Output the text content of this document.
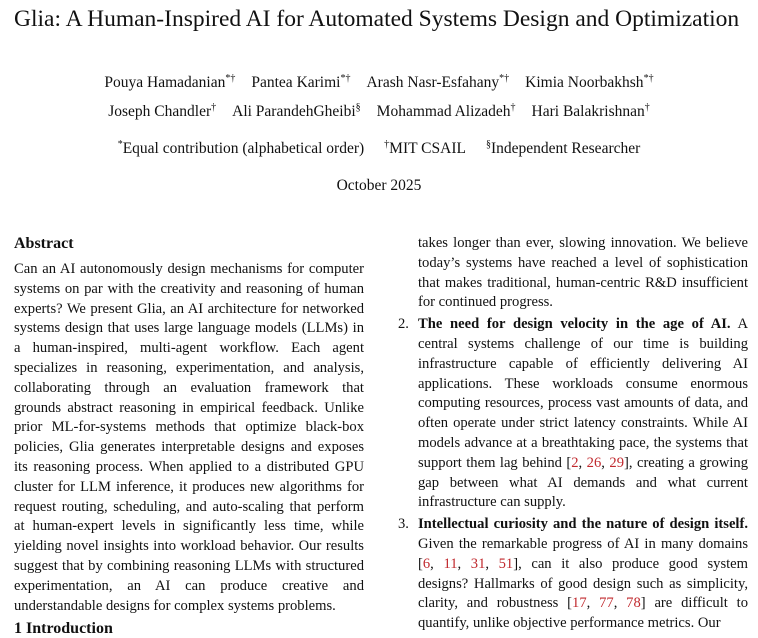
Glia: A Human-Inspired AI for Automated Systems Design and Optimization
Pouya Hamadanian*† Pantea Karimi*† Arash Nasr-Esfahany*† Kimia Noorbakhsh*†
Joseph Chandler† Ali ParandehGheibi§ Mohammad Alizadeh† Hari Balakrishnan†
*Equal contribution (alphabetical order) †MIT CSAIL §Independent Researcher
October 2025
Abstract

Can an AI autonomously design mechanisms for computer systems on par with the creativity and reasoning of human experts? We present Glia, an AI architecture for networked systems design that uses large language models (LLMs) in a human-inspired, multi-agent workflow. Each agent specializes in reasoning, experimentation, and analysis, collaborating through an evaluation framework that grounds abstract reasoning in empirical feedback. Unlike prior ML-for-systems methods that optimize black-box policies, Glia generates interpretable designs and exposes its reasoning process. When applied to a distributed GPU cluster for LLM inference, it produces new algorithms for request routing, scheduling, and auto-scaling that perform at human-expert levels in significantly less time, while yielding novel insights into workload behavior. Our results suggest that by combining reasoning LLMs with structured experimentation, an AI can produce creative and understandable designs for complex systems problems.

1 Introduction

takes longer than ever, slowing innovation. We believe today’s systems have reached a level of sophistication that makes traditional, human-centric R&D insufficient for continued progress.

2. The need for design velocity in the age of AI. A central systems challenge of our time is building infrastructure capable of efficiently delivering AI applications. These workloads consume enormous computing resources, process vast amounts of data, and often operate under strict latency constraints. While AI models advance at a breathtaking pace, the systems that support them lag behind [2, 26, 29], creating a growing gap between what AI demands and what current infrastructure can supply.
3. Intellectual curiosity and the nature of design itself. Given the remarkable progress of AI in many domains [6, 11, 31, 51], can it also produce good system designs? Hallmarks of good design such as simplicity, clarity, and robustness [17, 77, 78] are difficult to quantify, unlike objective performance metrics. Our
